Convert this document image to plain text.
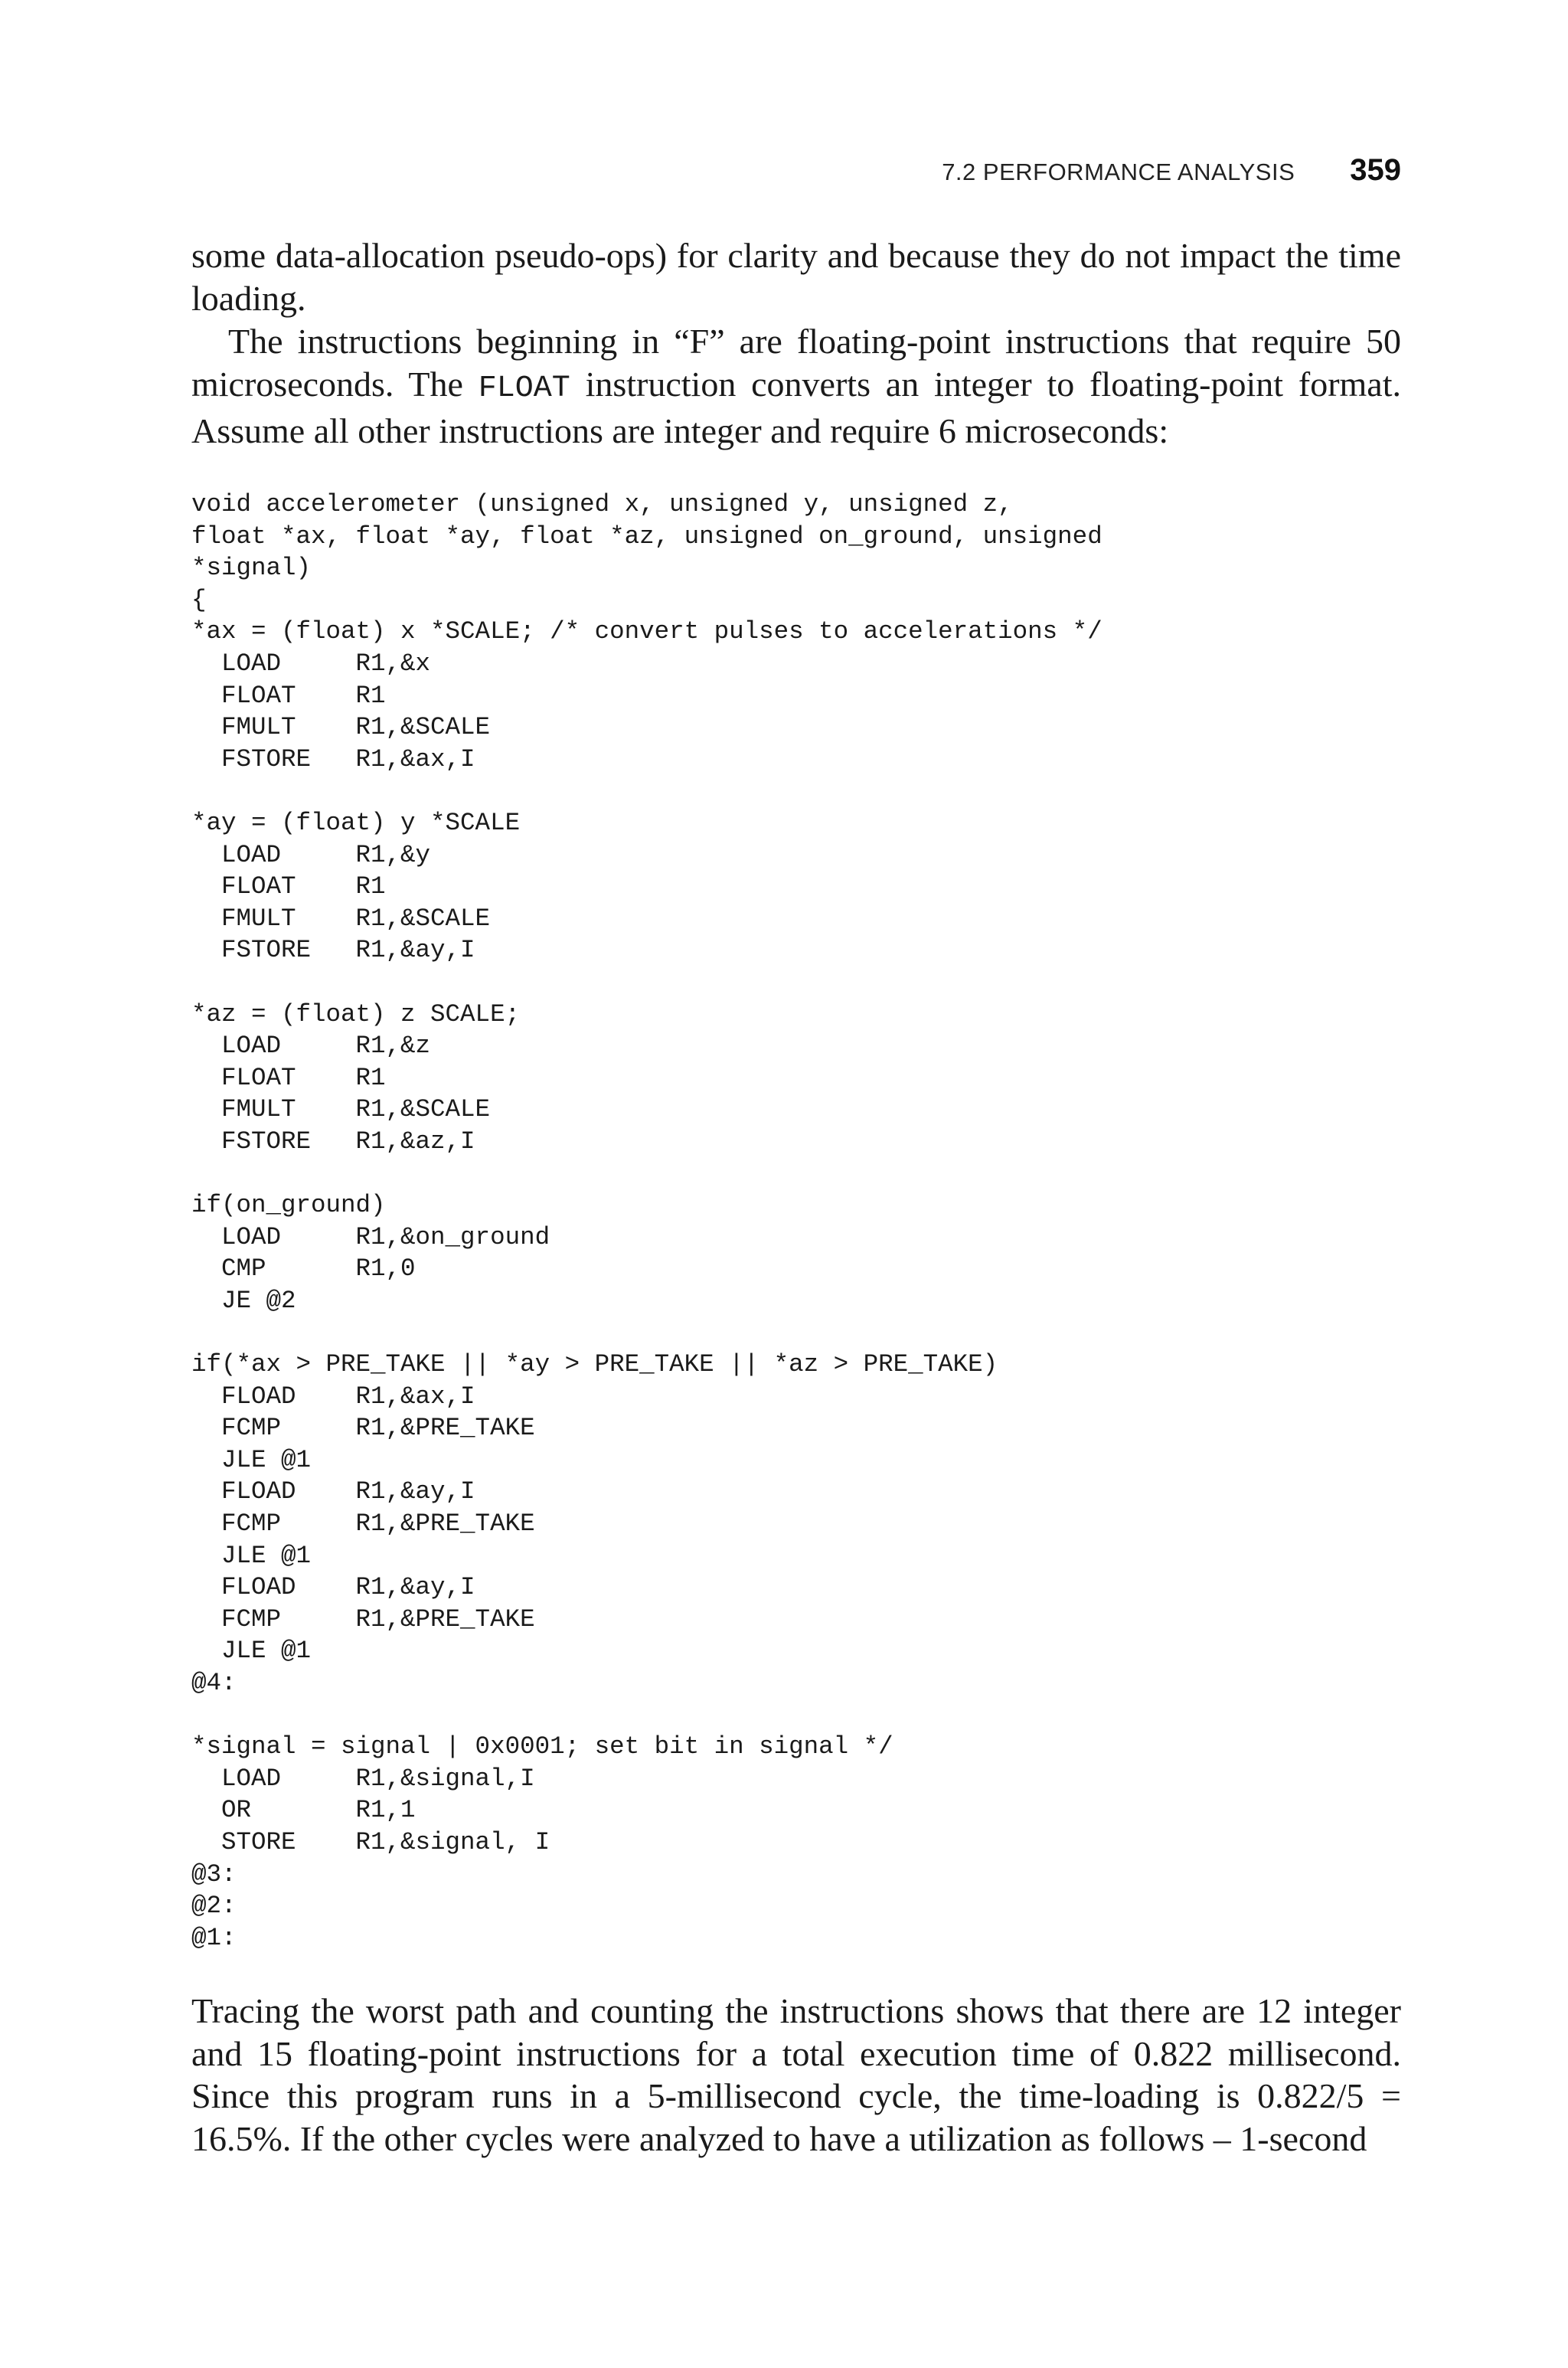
7.2 PERFORMANCE ANALYSIS 359

some data-allocation pseudo-ops) for clarity and because they do not impact the time loading.

The instructions beginning in “F” are floating-point instructions that require 50 microseconds. The FLOAT instruction converts an integer to floating-point format. Assume all other instructions are integer and require 6 microseconds:

void accelerometer (unsigned x, unsigned y, unsigned z,
float *ax, float *ay, float *az, unsigned on_ground, unsigned
*signal)
{
*ax = (float) x *SCALE; /* convert pulses to accelerations */
LOAD     R1,&x
FLOAT    R1
FMULT    R1,&SCALE
FSTORE   R1,&ax,I
*ay = (float) y *SCALE
LOAD     R1,&y
FLOAT    R1
FMULT    R1,&SCALE
FSTORE   R1,&ay,I
*az = (float) z SCALE;
LOAD     R1,&z
FLOAT    R1
FMULT    R1,&SCALE
FSTORE   R1,&az,I
if(on_ground)
LOAD     R1,&on_ground
CMP      R1,0
JE @2
if(*ax > PRE_TAKE || *ay > PRE_TAKE || *az > PRE_TAKE)
FLOAD    R1,&ax,I
FCMP     R1,&PRE_TAKE
JLE @1
FLOAD    R1,&ay,I
FCMP     R1,&PRE_TAKE
JLE @1
FLOAD    R1,&ay,I
FCMP     R1,&PRE_TAKE
JLE @1
@4:
*signal = signal | 0x0001; set bit in signal */
LOAD     R1,&signal,I
OR       R1,1
STORE    R1,&signal, I
@3:
@2:
@1:

Tracing the worst path and counting the instructions shows that there are 12 integer and 15 floating-point instructions for a total execution time of 0.822 millisecond. Since this program runs in a 5-millisecond cycle, the time-loading is 0.822/5 = 16.5%. If the other cycles were analyzed to have a utilization as follows – 1-second
